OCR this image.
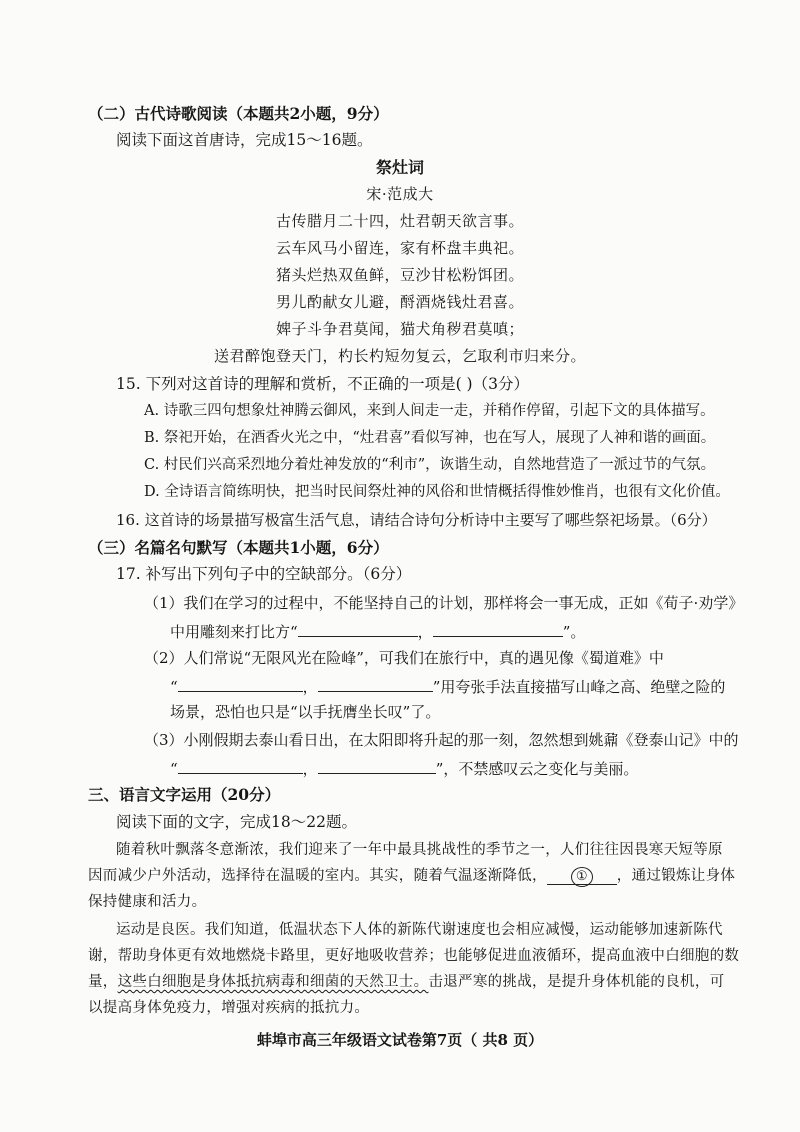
（二）古代诗歌阅读（本题共2小题，9分）
阅读下面这首唐诗，完成15～16题。
祭灶词
宋·范成大
古传腊月二十四，灶君朝天欲言事。
云车风马小留连，家有杯盘丰典祀。
猪头烂热双鱼鲜，豆沙甘松粉饵团。
男儿酌献女儿避，酹酒烧钱灶君喜。
婢子斗争君莫闻，猫犬角秽君莫嗔；
送君醉饱登天门，杓长杓短勿复云，乞取利市归来分。
15. 下列对这首诗的理解和赏析，不正确的一项是( )（3分）
A. 诗歌三四句想象灶神腾云御风，来到人间走一走，并稍作停留，引起下文的具体描写。
B. 祭祀开始，在酒香火光之中，“灶君喜”看似写神，也在写人，展现了人神和谐的画面。
C. 村民们兴高采烈地分着灶神发放的“利市”，诙谐生动，自然地营造了一派过节的气氛。
D. 全诗语言简练明快，把当时民间祭灶神的风俗和世情概括得惟妙惟肖，也很有文化价值。
16. 这首诗的场景描写极富生活气息，请结合诗句分析诗中主要写了哪些祭祀场景。（6分）
（三）名篇名句默写（本题共1小题，6分）
17. 补写出下列句子中的空缺部分。（6分）
（1）我们在学习的过程中，不能坚持自己的计划，那样将会一事无成，正如《荀子·劝学》
中用雕刻来打比方“	，	”。
（2）人们常说“无限风光在险峰”，可我们在旅行中，真的遇见像《蜀道难》中
“	，	”用夸张手法直接描写山峰之高、绝壁之险的
场景，恐怕也只是“以手抚膺坐长叹”了。
（3）小刚假期去泰山看日出，在太阳即将升起的那一刻，忽然想到姚鼐《登泰山记》中的
“	，	”，不禁感叹云之变化与美丽。
三、语言文字运用（20分）
阅读下面的文字，完成18～22题。
随着秋叶飘落冬意渐浓，我们迎来了一年中最具挑战性的季节之一，人们往往因畏寒天短等原
因而减少户外活动，选择待在温暖的室内。其实，随着气温逐渐降低， ① ，通过锻炼让身体
保持健康和活力。
运动是良医。我们知道，低温状态下人体的新陈代谢速度也会相应减慢，运动能够加速新陈代
谢，帮助身体更有效地燃烧卡路里，更好地吸收营养；也能够促进血液循环，提高血液中白细胞的数
量，这些白细胞是身体抵抗病毒和细菌的天然卫士。击退严寒的挑战，是提升身体机能的良机，可
以提高身体免疫力，增强对疾病的抵抗力。
蚌埠市高三年级语文试卷第7页（ 共8 页）
